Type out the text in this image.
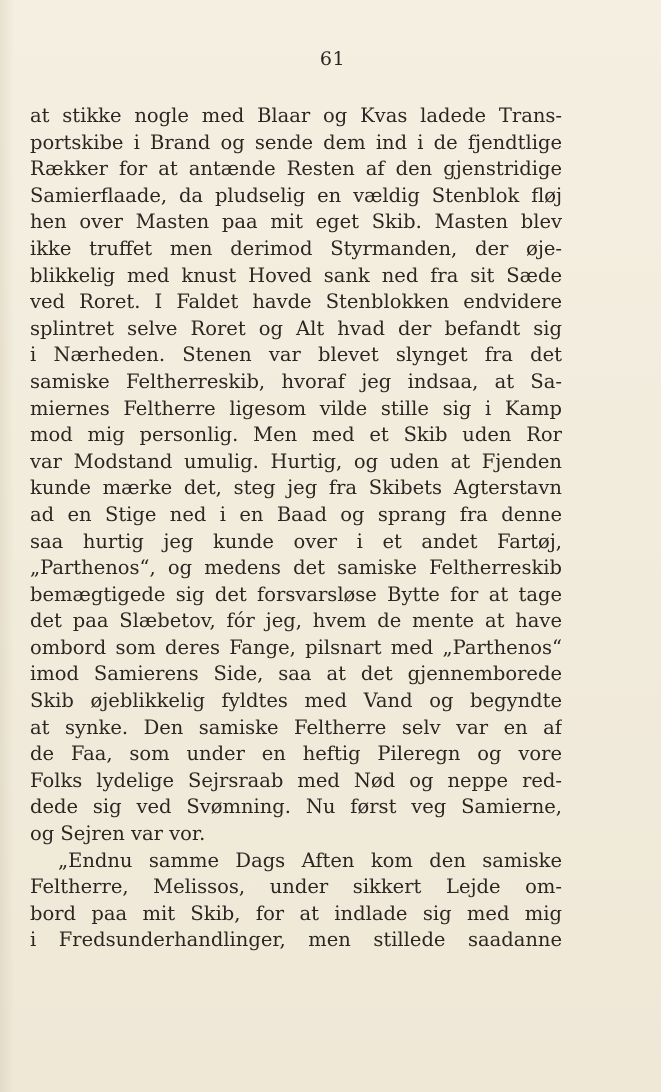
61
at stikke nogle med Blaar og Kvas ladede Trans-
portskibe i Brand og sende dem ind i de fjendtlige
Rækker for at antænde Resten af den gjenstridige
Samierflaade, da pludselig en vældig Stenblok fløj
hen over Masten paa mit eget Skib. Masten blev
ikke truffet men derimod Styrmanden, der øje-
blikkelig med knust Hoved sank ned fra sit Sæde
ved Roret. I Faldet havde Stenblokken endvidere
splintret selve Roret og Alt hvad der befandt sig
i Nærheden. Stenen var blevet slynget fra det
samiske Feltherreskib, hvoraf jeg indsaa, at Sa-
miernes Feltherre ligesom vilde stille sig i Kamp
mod mig personlig. Men med et Skib uden Ror
var Modstand umulig. Hurtig, og uden at Fjenden
kunde mærke det, steg jeg fra Skibets Agterstavn
ad en Stige ned i en Baad og sprang fra denne
saa hurtig jeg kunde over i et andet Fartøj,
„Parthenos“, og medens det samiske Feltherreskib
bemægtigede sig det forsvarsløse Bytte for at tage
det paa Slæbetov, fór jeg, hvem de mente at have
ombord som deres Fange, pilsnart med „Parthenos“
imod Samierens Side, saa at det gjennemborede
Skib øjeblikkelig fyldtes med Vand og begyndte
at synke. Den samiske Feltherre selv var en af
de Faa, som under en heftig Pileregn og vore
Folks lydelige Sejrsraab med Nød og neppe red-
dede sig ved Svømning. Nu først veg Samierne,
og Sejren var vor.
„Endnu samme Dags Aften kom den samiske
Feltherre, Melissos, under sikkert Lejde om-
bord paa mit Skib, for at indlade sig med mig
i Fredsunderhandlinger, men stillede saadanne
